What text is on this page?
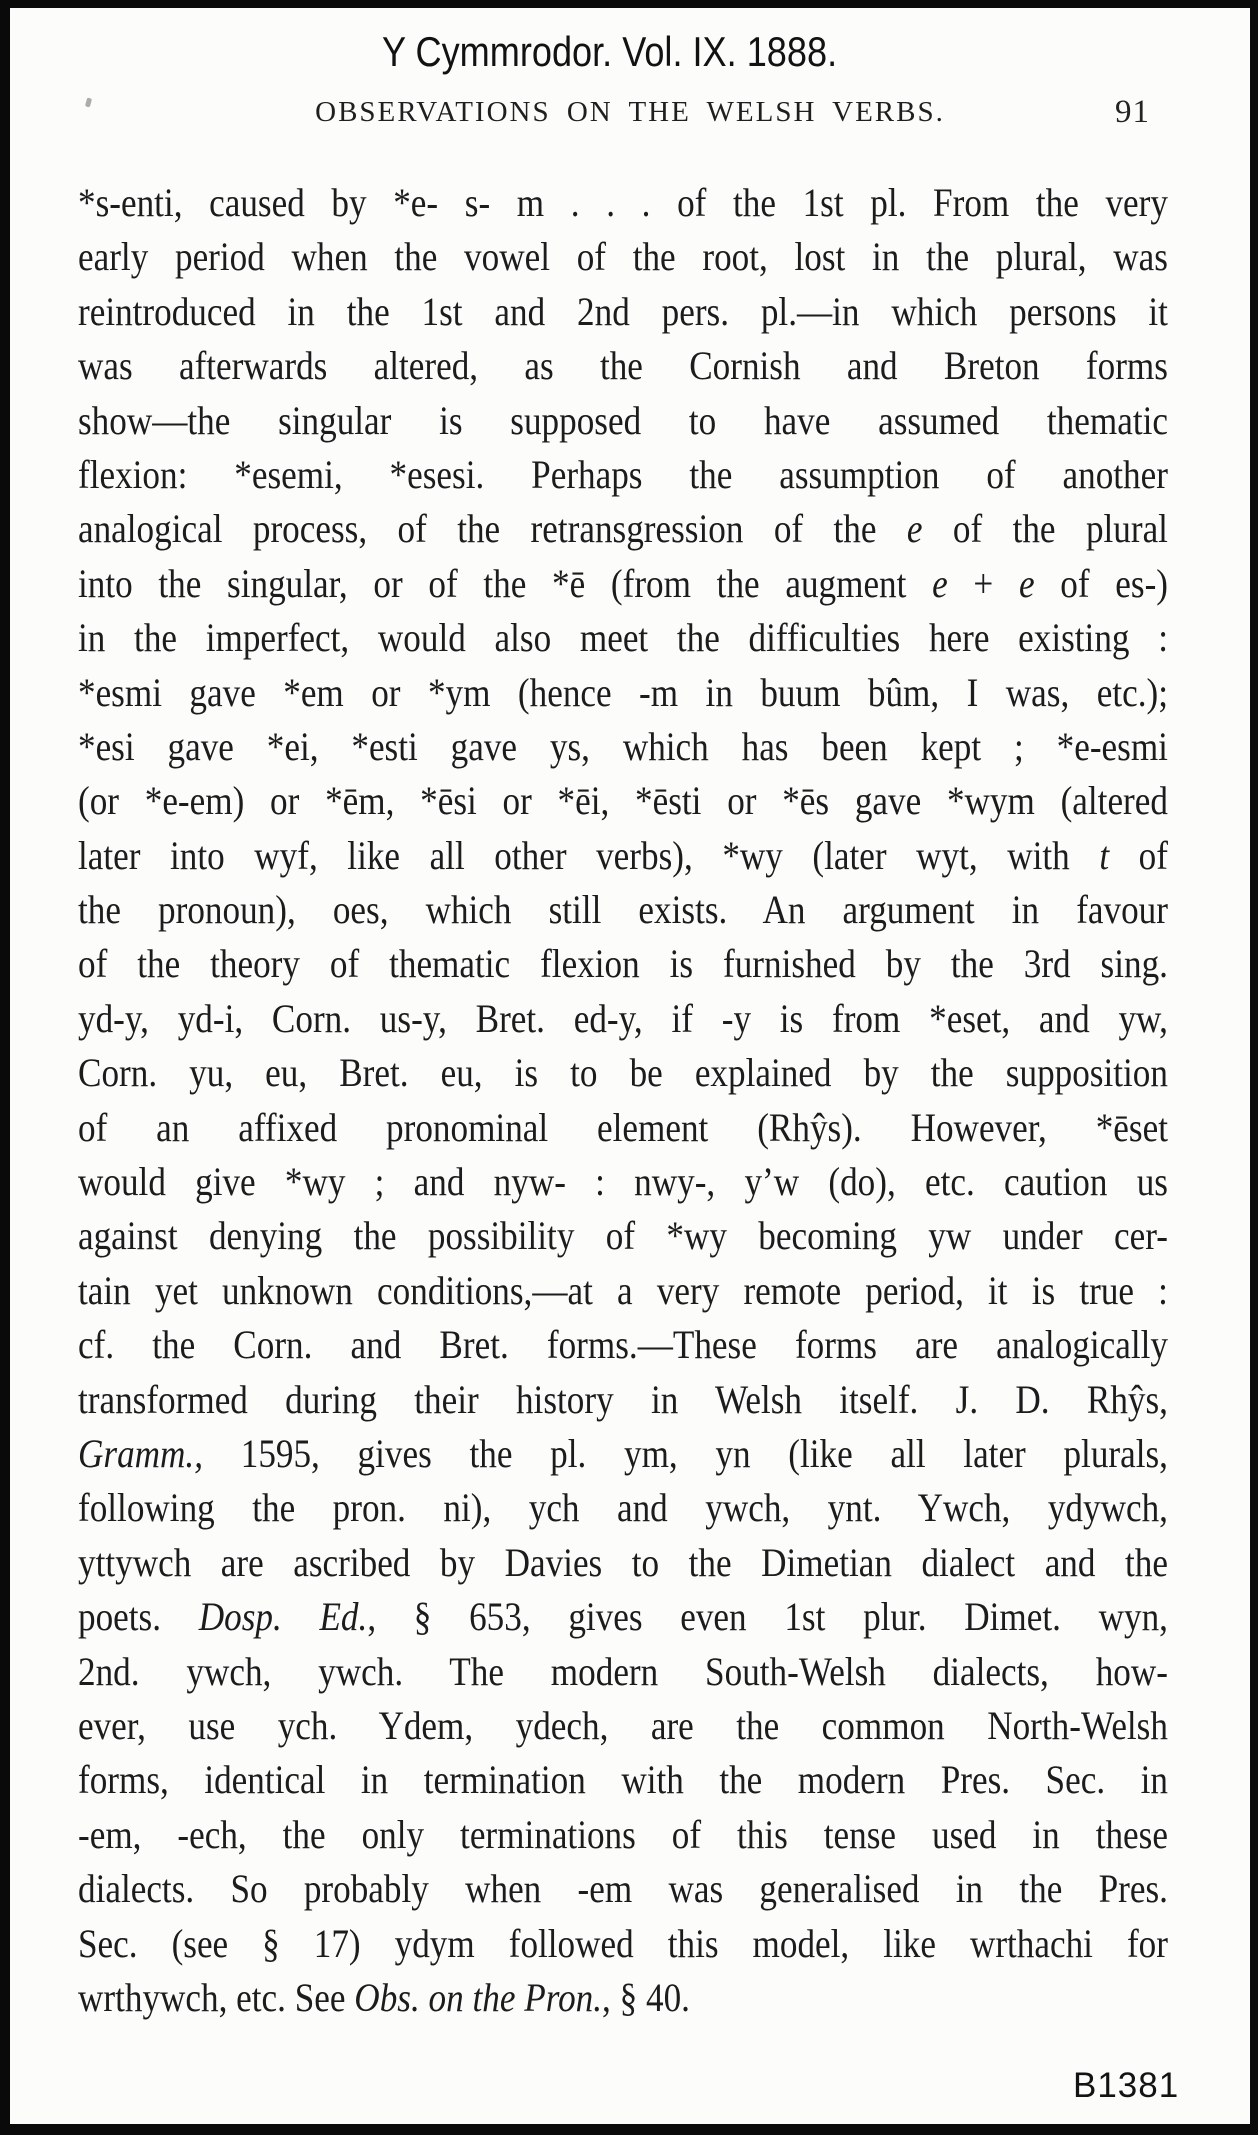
Y Cymmrodor. Vol. IX. 1888.
OBSERVATIONS ON THE WELSH VERBS.	91
*s-enti, caused by *e- s- m . . . of the 1st pl. From the very
early period when the vowel of the root, lost in the plural, was
reintroduced in the 1st and 2nd pers. pl.—in which persons it
was afterwards altered, as the Cornish and Breton forms
show—the singular is supposed to have assumed thematic
flexion: *esemi, *esesi. Perhaps the assumption of another
analogical process, of the retransgression of the e of the plural
into the singular, or of the *ē (from the augment e + e of es-)
in the imperfect, would also meet the difficulties here existing :
*esmi gave *em or *ym (hence -m in buum bûm, I was, etc.);
*esi gave *ei, *esti gave ys, which has been kept ; *e-esmi
(or *e-em) or *ēm, *ēsi or *ēi, *ēsti or *ēs gave *wym (altered
later into wyf, like all other verbs), *wy (later wyt, with t of
the pronoun), oes, which still exists. An argument in favour
of the theory of thematic flexion is furnished by the 3rd sing.
yd-y, yd-i, Corn. us-y, Bret. ed-y, if -y is from *eset, and yw,
Corn. yu, eu, Bret. eu, is to be explained by the supposition
of an affixed pronominal element (Rhŷs). However, *ēset
would give *wy ; and nyw- : nwy-, y’w (do), etc. caution us
against denying the possibility of *wy becoming yw under cer-
tain yet unknown conditions,—at a very remote period, it is true :
cf. the Corn. and Bret. forms.—These forms are analogically
transformed during their history in Welsh itself. J. D. Rhŷs,
Gramm., 1595, gives the pl. ym, yn (like all later plurals,
following the pron. ni), ych and ywch, ynt. Ywch, ydywch,
yttywch are ascribed by Davies to the Dimetian dialect and the
poets. Dosp. Ed., § 653, gives even 1st plur. Dimet. wyn,
2nd. ywch, ywch. The modern South-Welsh dialects, how-
ever, use ych. Ydem, ydech, are the common North-Welsh
forms, identical in termination with the modern Pres. Sec. in
-em, -ech, the only terminations of this tense used in these
dialects. So probably when -em was generalised in the Pres.
Sec. (see § 17) ydym followed this model, like wrthachi for
wrthywch, etc. See Obs. on the Pron., § 40.
B1381
